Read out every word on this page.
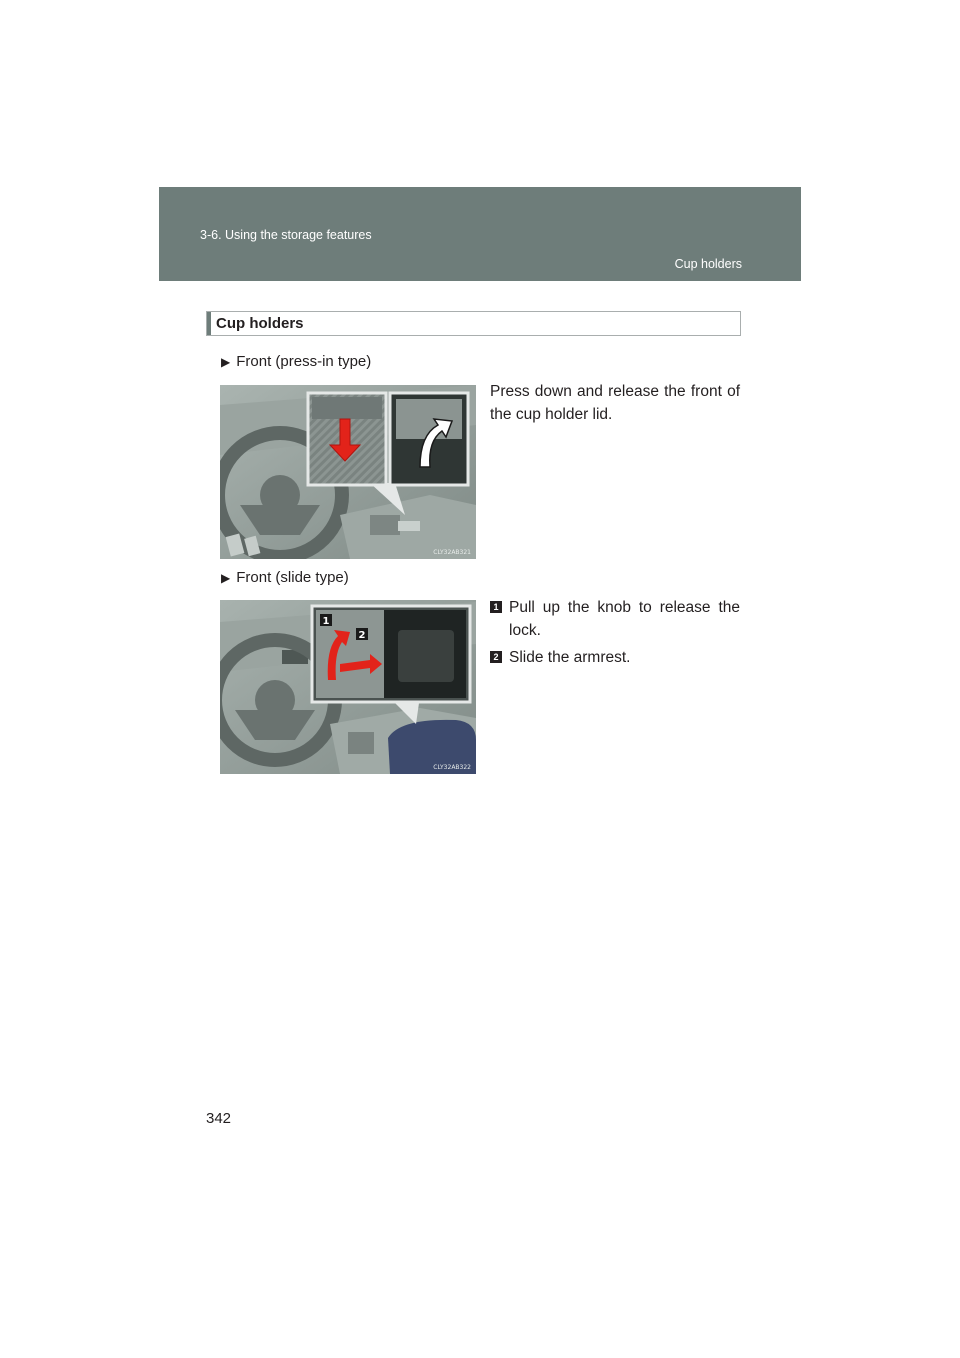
3-6. Using the storage features
Cup holders
Cup holders
▶ Front (press-in type)
CLY32AB321
Press down and release the front of the cup holder lid.
▶ Front (slide type)
1
2
CLY32AB322
1 Pull up the knob to release the lock.
2 Slide the armrest.
342
